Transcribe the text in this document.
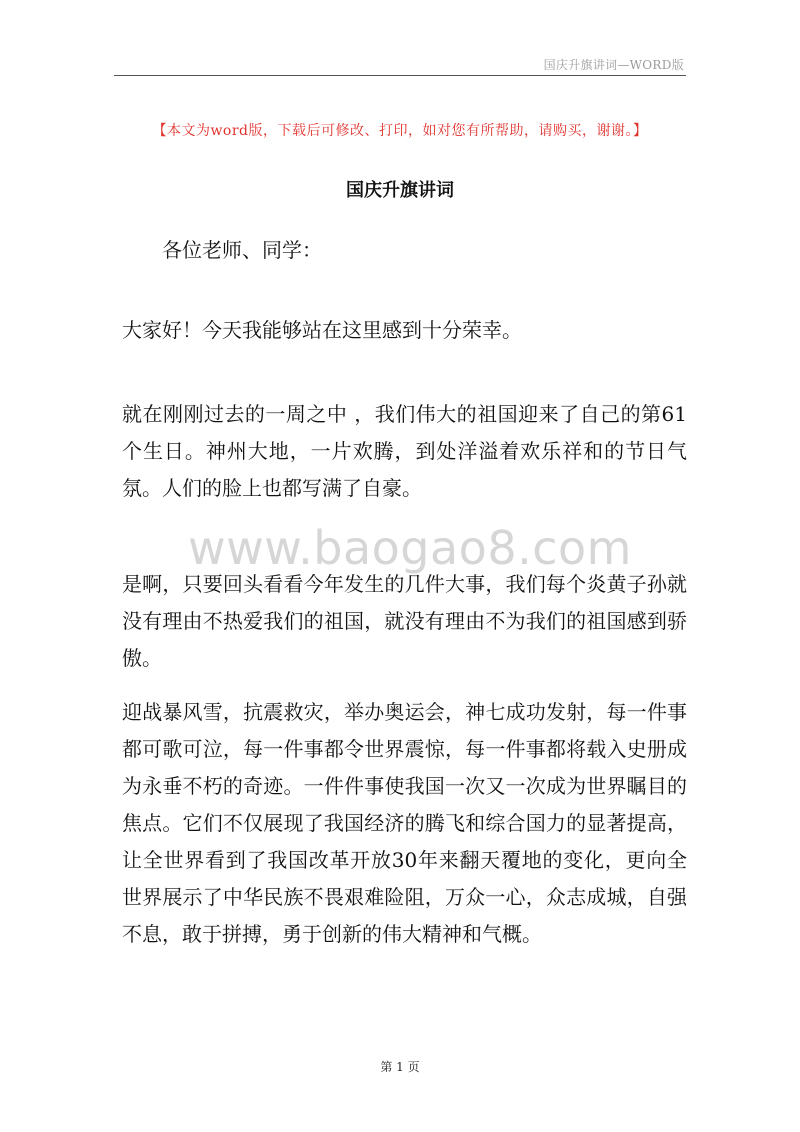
国庆升旗讲词—WORD版
【本文为word版，下载后可修改、打印，如对您有所帮助，请购买，谢谢。】
国庆升旗讲词
www.baogao8.com

各位老师、同学：

大家好！今天我能够站在这里感到十分荣幸。

就在刚刚过去的一周之中 ，我们伟大的祖国迎来了自己的第61个生日。神州大地，一片欢腾，到处洋溢着欢乐祥和的节日气氛。人们的脸上也都写满了自豪。

是啊，只要回头看看今年发生的几件大事，我们每个炎黄子孙就没有理由不热爱我们的祖国，就没有理由不为我们的祖国感到骄傲。

迎战暴风雪，抗震救灾，举办奥运会，神七成功发射，每一件事都可歌可泣，每一件事都令世界震惊，每一件事都将载入史册成为永垂不朽的奇迹。一件件事使我国一次又一次成为世界瞩目的焦点。它们不仅展现了我国经济的腾飞和综合国力的显著提高，让全世界看到了我国改革开放30年来翻天覆地的变化，更向全世界展示了中华民族不畏艰难险阻，万众一心，众志成城，自强不息，敢于拼搏，勇于创新的伟大精神和气概。

第 1 页
